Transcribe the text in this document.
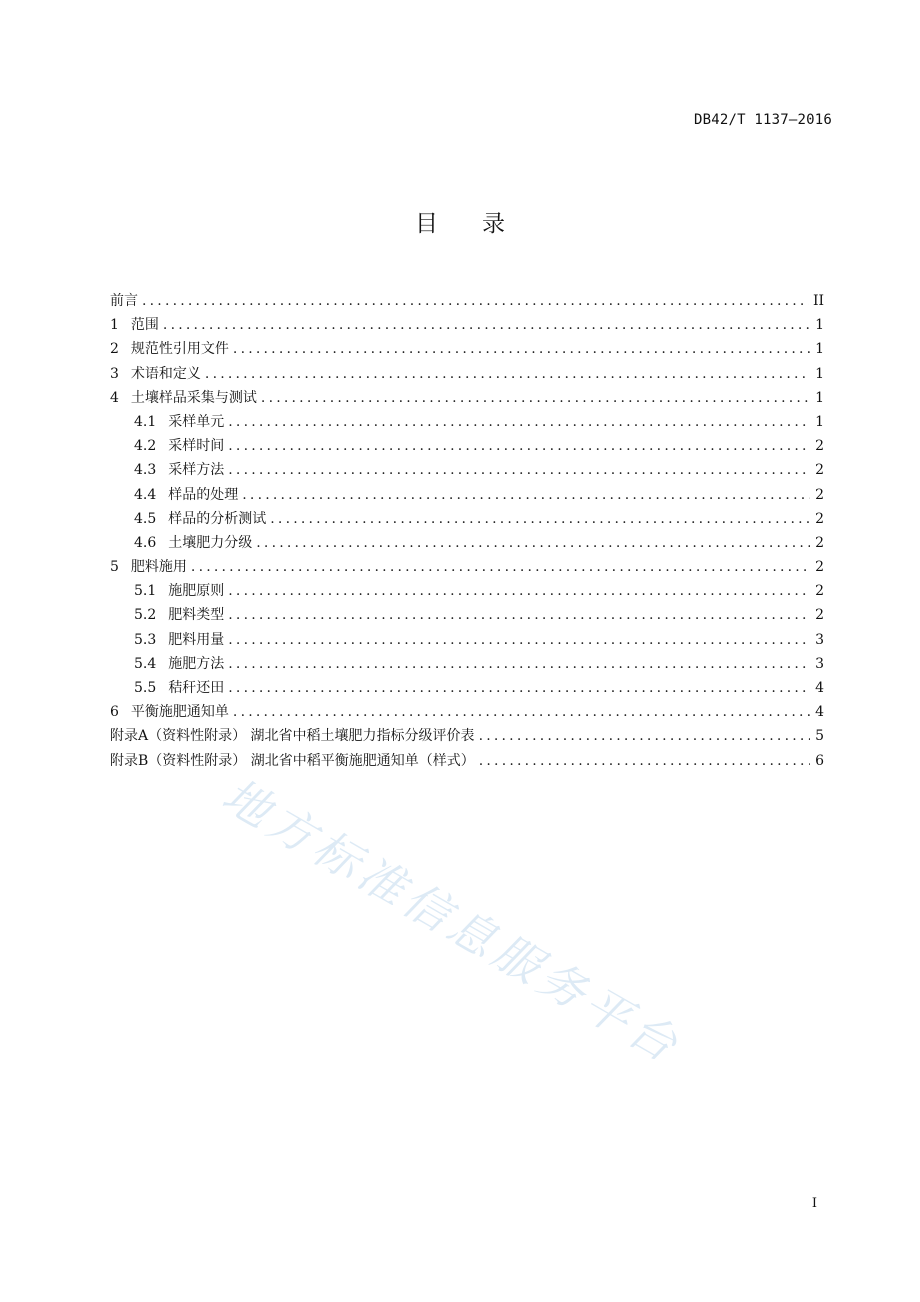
DB42/T 1137—2016
目录
前言 .....	II
1 范围 .....	1
2 规范性引用文件 .....	1
3 术语和定义 .....	1
4 土壤样品采集与测试 .....	1
4.1 采样单元 .....	1
4.2 采样时间 .....	2
4.3 采样方法 .....	2
4.4 样品的处理 .....	2
4.5 样品的分析测试 .....	2
4.6 土壤肥力分级 .....	2
5 肥料施用 .....	2
5.1 施肥原则 .....	2
5.2 肥料类型 .....	2
5.3 肥料用量 .....	3
5.4 施肥方法 .....	3
5.5 秸秆还田 .....	4
6 平衡施肥通知单 .....	4
附录A（资料性附录） 湖北省中稻土壤肥力指标分级评价表 .....	5
附录B（资料性附录） 湖北省中稻平衡施肥通知单（样式） .....	6
地方标准信息服务平台
I
